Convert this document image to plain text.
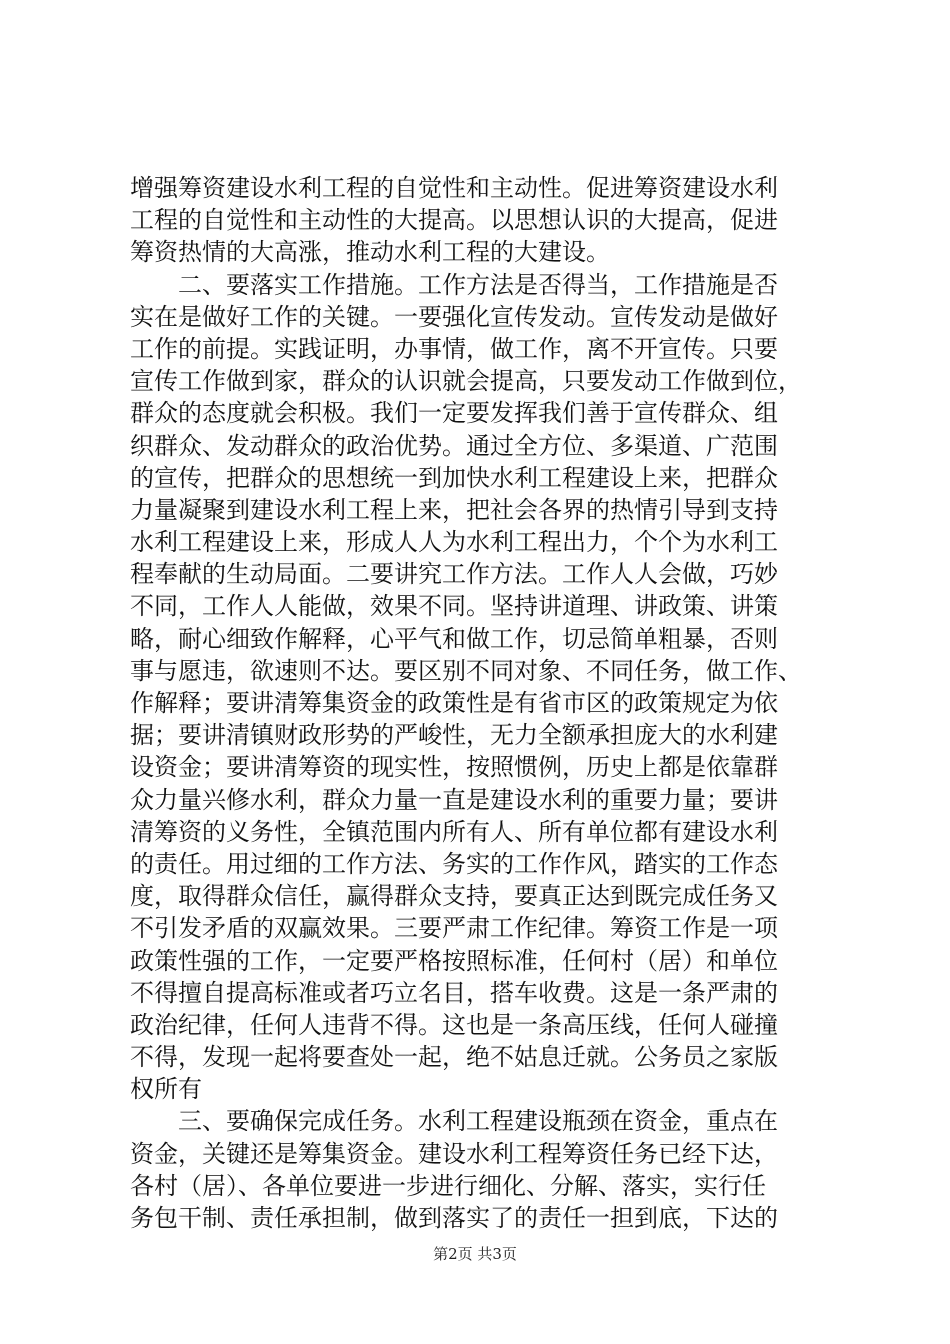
增强筹资建设水利工程的自觉性和主动性。促进筹资建设水利
工程的自觉性和主动性的大提高。以思想认识的大提高，促进
筹资热情的大高涨，推动水利工程的大建设。
二、要落实工作措施。工作方法是否得当，工作措施是否
实在是做好工作的关键。一要强化宣传发动。宣传发动是做好
工作的前提。实践证明，办事情，做工作，离不开宣传。只要
宣传工作做到家，群众的认识就会提高，只要发动工作做到位，
群众的态度就会积极。我们一定要发挥我们善于宣传群众、组
织群众、发动群众的政治优势。通过全方位、多渠道、广范围
的宣传，把群众的思想统一到加快水利工程建设上来，把群众
力量凝聚到建设水利工程上来，把社会各界的热情引导到支持
水利工程建设上来，形成人人为水利工程出力，个个为水利工
程奉献的生动局面。二要讲究工作方法。工作人人会做，巧妙
不同，工作人人能做，效果不同。坚持讲道理、讲政策、讲策
略，耐心细致作解释，心平气和做工作，切忌简单粗暴，否则
事与愿违，欲速则不达。要区别不同对象、不同任务，做工作、
作解释；要讲清筹集资金的政策性是有省市区的政策规定为依
据；要讲清镇财政形势的严峻性，无力全额承担庞大的水利建
设资金；要讲清筹资的现实性，按照惯例，历史上都是依靠群
众力量兴修水利，群众力量一直是建设水利的重要力量；要讲
清筹资的义务性，全镇范围内所有人、所有单位都有建设水利
的责任。用过细的工作方法、务实的工作作风，踏实的工作态
度，取得群众信任，赢得群众支持，要真正达到既完成任务又
不引发矛盾的双赢效果。三要严肃工作纪律。筹资工作是一项
政策性强的工作，一定要严格按照标准，任何村（居）和单位
不得擅自提高标准或者巧立名目，搭车收费。这是一条严肃的
政治纪律，任何人违背不得。这也是一条高压线，任何人碰撞
不得，发现一起将要查处一起，绝不姑息迁就。公务员之家版
权所有
三、要确保完成任务。水利工程建设瓶颈在资金，重点在
资金，关键还是筹集资金。建设水利工程筹资任务已经下达，
各村（居）、各单位要进一步进行细化、分解、落实，实行任
务包干制、责任承担制，做到落实了的责任一担到底，下达的
第2页 共3页
